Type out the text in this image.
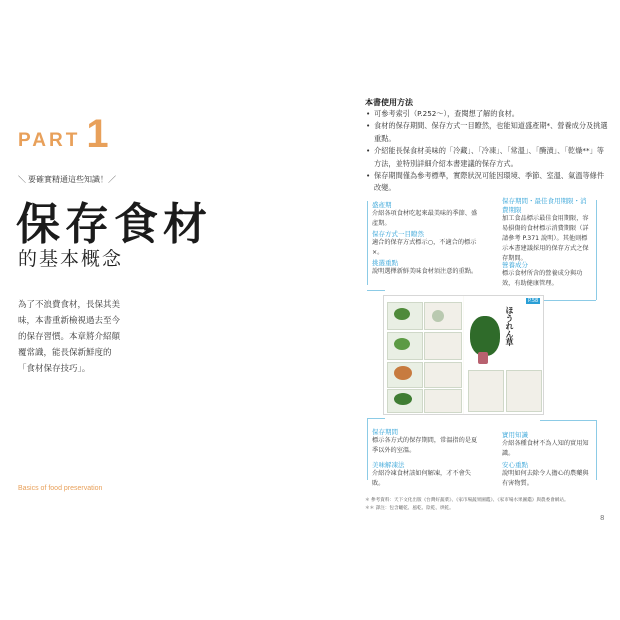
PART 1
＼ 要確實精通這些知識！／
保存食材
的基本概念
為了不浪費食材，長保其美
味，本書重新檢視過去至今
的保存習慣。本章將介紹顛
覆常識，能長保新鮮度的
「食材保存技巧」。
Basics of food preservation
本書使用方法
• 可參考索引（P.252～），查閱想了解的食材。
• 食材的保存期間、保存方式一目瞭然，也能知道盛產期*、營養成分及挑選重點。
• 介紹能長保食材美味的「冷藏」、「冷凍」、「常溫」、「醃漬」、「乾燥**」等方法，並特別詳細介紹本書建議的保存方式。
• 保存期間僅為參考標準，實際狀況可能因環境、季節、室溫、氣溫等條件改變。
盛產期
介紹各項食材吃起來最美味的季節、盛產期。
保存方式一目瞭然
適合的保存方式標示○，不適合的標示 ×。
挑選重點
說明選擇新鮮美味食材須注意的重點。
保存期間・最佳食用期限・消費期限
加工食品標示最佳食用期限，容易損傷的食材標示消費期限（詳請參考 P.371 說明）。其他則標示本書建議採用的保存方式之保存期間。
營養成分
標示食材所含的營養成分與功效，有助健康管理。
ほうれん草
P.58
保存期間
標示各方式的保存期間，常溫指的是夏季以外的室溫。
美味解凍法
介紹冷凍食材該如何解凍，才不會失敗。
實用知識
介紹各種食材不為人知的實用知識。
安心重點
說明如何去除令人擔心的農藥與有害物質。
＊ 參考資料：天下文化出版《台灣好蔬菜》、《家市場蔬果圖鑑》、《家市場水果圖鑑》與農委會網站。
＊＊ 譯注：包含曬乾、風乾、陰乾、烘乾。
8
